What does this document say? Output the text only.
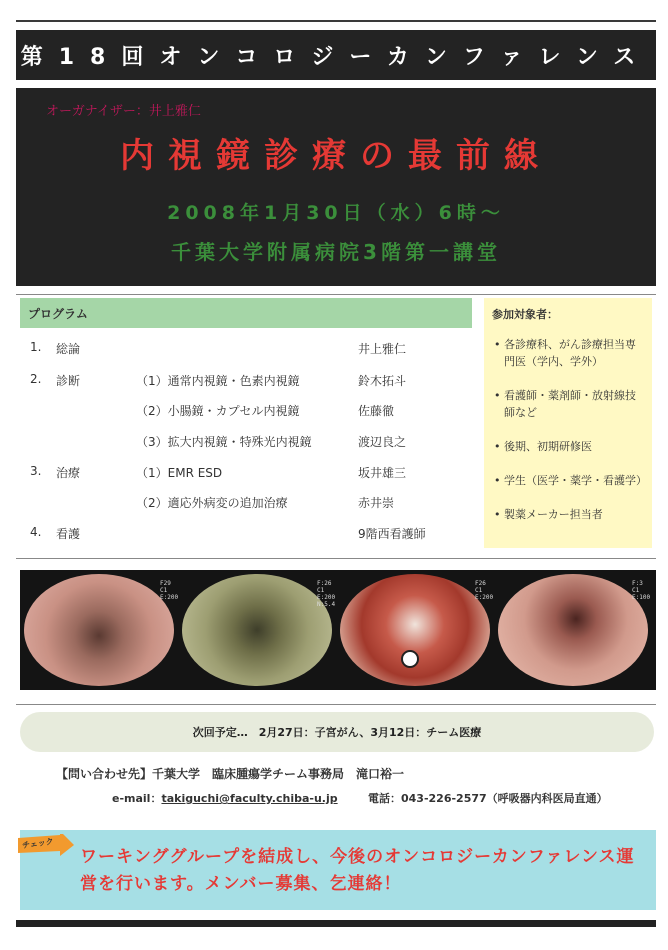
第18回オンコロジーカンファレンス
オーガナイザー：井上雅仁
内視鏡診療の最前線
2008年1月30日（水）6時～
千葉大学附属病院3階第一講堂
プログラム
1. 総論	井上雅仁
2. 診断	（1）通常内視鏡・色素内視鏡	鈴木拓斗
（2）小腸鏡・カプセル内視鏡	佐藤徹
（3）拡大内視鏡・特殊光内視鏡	渡辺良之
3. 治療	（1）EMR ESD	坂井雄三
（2）適応外病変の追加治療	赤井崇
4. 看護	9階西看護師
参加対象者：
• 各診療科、がん診療担当専門医（学内、学外）
• 看護師・薬剤師・放射線技師など
• 後期、初期研修医
• 学生（医学・薬学・看護学）
• 製薬メーカー担当者
F29
C1
E:200
F:26
C1
E:200
N:5.4
F26
C1
E:200
F:3
C1
E:100
次回予定…　2月27日：子宮がん、3月12日：チーム医療
【問い合わせ先】千葉大学　臨床腫瘍学チーム事務局　滝口裕一
e-mail：takiguchi@faculty.chiba-u.jp	電話：043-226-2577（呼吸器内科医局直通）
チェック
ワーキンググループを結成し、今後のオンコロジーカンファレンス運営を行います。メンバー募集、乞連絡！
